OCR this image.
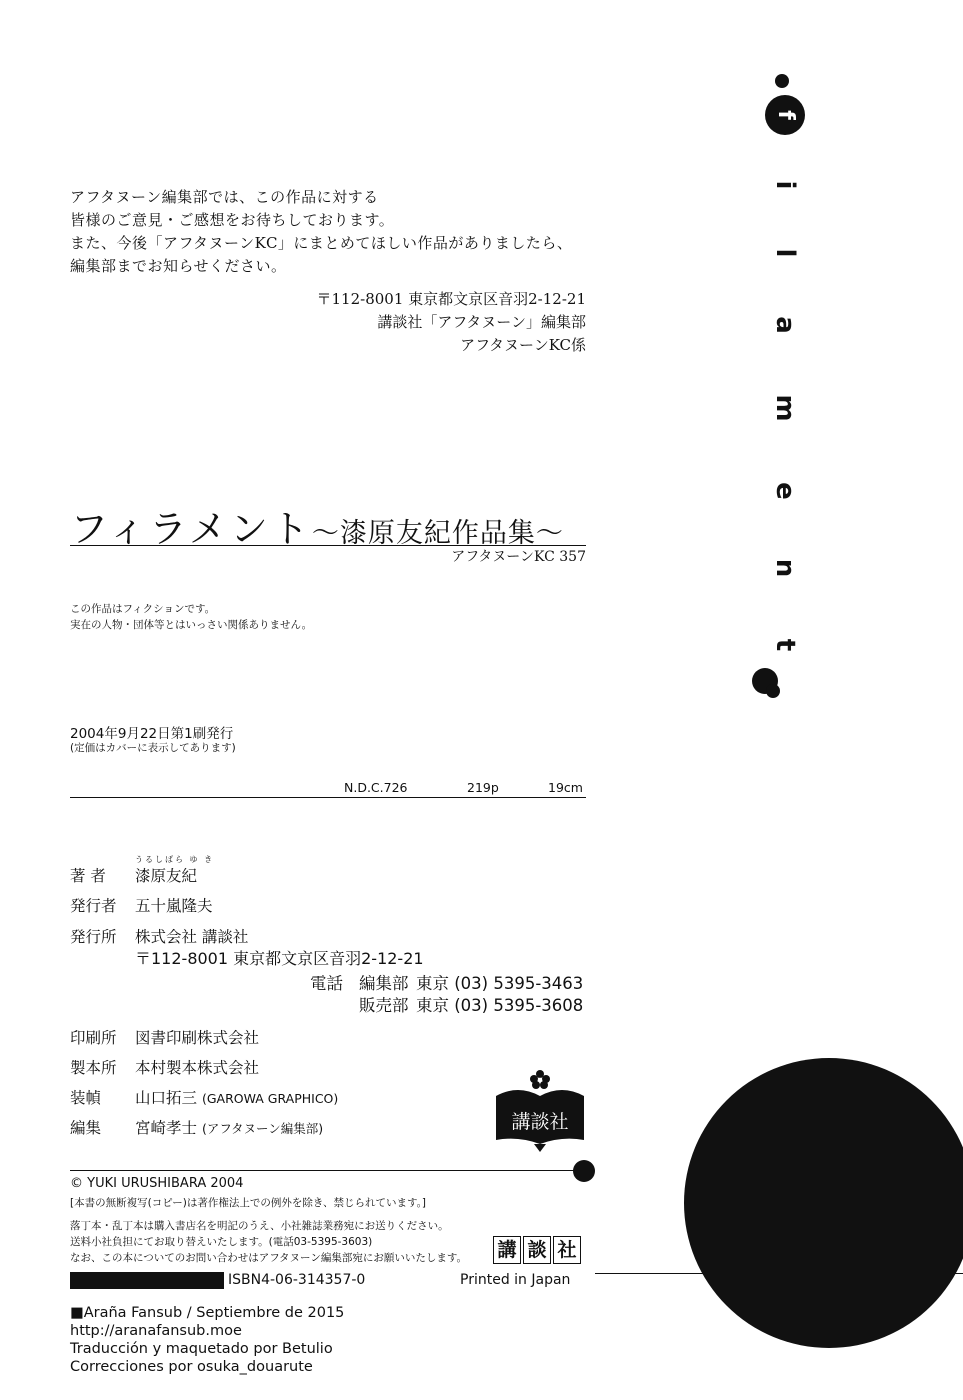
f
i
l
a
m
e
n
t
アフタヌーン編集部では、この作品に対する
皆様のご意見・ご感想をお待ちしております。
また、今後「アフタヌーンKC」にまとめてほしい作品がありましたら、
編集部までお知らせください。
〒112-8001 東京都文京区音羽2-12-21
講談社「アフタヌーン」編集部
アフタヌーンKC係
フィラメント〜漆原友紀作品集〜
アフタヌーンKC 357
この作品はフィクションです。
実在の人物・団体等とはいっさい関係ありません。
2004年9月22日第1刷発行
(定価はカバーに表示してあります)
N.D.C.726	219p	19cm
うるしばら ゆ き
著 者 漆原友紀
発行者 五十嵐隆夫
発行所 株式会社 講談社
〒112-8001 東京都文京区音羽2-12-21
電話 編集部 東京 (03) 5395-3463
販売部 東京 (03) 5395-3608
印刷所 図書印刷株式会社
製本所 本村製本株式会社
装幀 山口拓三 (GAROWA GRAPHICO)
編集 宮崎孝士 (アフタヌーン編集部)	講談社
© YUKI URUSHIBARA 2004
[本書の無断複写(コピー)は著作権法上での例外を除き、禁じられています。]
落丁本・乱丁本は購入書店名を明記のうえ、小社雑誌業務宛にお送りください。
送料小社負担にてお取り替えいたします。(電話03-5395-3603)
なお、この本についてのお問い合わせはアフタヌーン編集部宛にお願いいたします。 講 談 社
ISBN4-06-314357-0	Printed in Japan
■Araña Fansub / Septiembre de 2015
http://aranafansub.moe
Traducción y maquetado por Betulio
Correcciones por osuka_douarute
